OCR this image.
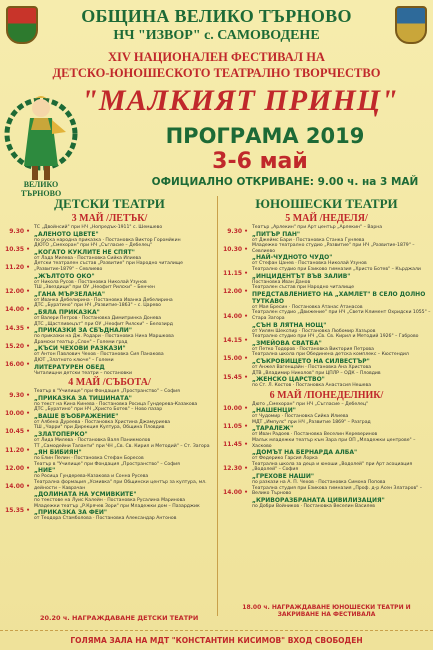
ОБЩИНА ВЕЛИКО ТЪРНОВО
НЧ "ИЗВОР" с. САМОВОДЕНЕ
XIV НАЦИОНАЛЕН ФЕСТИВАЛ НА
ДЕТСКО-ЮНОШЕСКОТО ТЕАТРАЛНО ТВОРЧЕСТВО
"МАЛКИЯТ ПРИНЦ"
ПРОГРАМА 2019
3-6 май
ОФИЦИАЛНО ОТКРИВАНЕ: 9.00 ч. на 3 МАЙ
ВЕЛИКО ТЪРНОВО
ДЕТСКИ ТЕАТРИ
3 МАЙ /ЛЕТЪК/
9.30 •
ТС „Двойнсий" при НЧ „Нопредък-1911" с. Шемшево
„АЛЕНОТО ЦВЕТЕ"
по руска народна приказка · Постановка Виктор Горомйкин
10.35 •
ДЮТО „Смехоран" при НЧ „Съгласие – Дебелец"
„КОГАТО КУКЛИТЕ НЕ СПЯТ"
от Лада Милева · Постановка Сийка Илиева
11.20 •
Детски театрален състав „Развитие" при Народно читалище „Развитие-1879" – Севлиево
„ЖЪЛТОТО ОКО"
от Никола Русов · Постановка Николай Узунов
12.00 •
ТШ „Звездици" при ОУ „Неофит Рилски" – Бенчен
„ГАНА МЪРЗЕЛАНА"
от Иванка Дебелирина · Постановка Иванка Дебелирина
14.00 •
ДТС „Буратино" при НЧ „Развитие-1863" – с. Царево
„БЯЛА ПРИКАЗКА"
от Валери Петров · Постановка Димитринка Донева
14.35 •
ДТС „Щастливецът" при ОУ „Неофит Рилски" – Белозирд
„ПРИКАЗКИ ЗА СБЪДНАЛИ"
по приказки на Дж. Родари · Постановка Нина Маршкова
15.20 •
Драмски театър „Слон" – Големи град
„КЪСИ ЧЕХОВИ РАЗКАЗИ"
от Антон Павлович Чехов · Постановка Сия Панакова
16.00 •
ДЮТ „Златното ключе" – Големи
ЛИТЕРАТУРЕН ОБЕД
Читалищни детски театри – постановки
4 МАЙ /СЪБОТА/
9.30 •
Театър в "Училище" при Фондация „Пространство" – София
„ПРИКАЗКА ЗА ТИШИНАТА"
по текст на Кина Кинева · Постановка Росица Гундерева-Казакова
10.00 •
ДТС „Буратино" при НЧ „Христо Ботев" – Ново пазар
„ВАШЕ ВЪОБРАЖЕНИЕ"
от Албена Дуреева · Постановка Христина Джамуриева
10.45 •
ТШ „Чарри" при Дирекция Култура, Община Пловдив
„ЗЛАТОПЕРКО"
от Лида Милева · Постановка Валя Паникмолов
11.20 •
ТТ „Самодейни Таланти" при ЧН „Св. Св. Кирил и Методий" – Ст. Загора
„ЯН БИБИЯН"
по Елин Пелин · Постановка Стефан Боресов
12.00 •
Театър в "Училище" при Фондация „Пространство" – София
„НИЕ"
по Росица Гундерева-Казакова и Сонна Русева
14.00 •
Театрална формация „Усмивка" при Общински център за култура, мл. дейности – Каврачан
„ДОЛИНАТА НА УСМИВКИТЕ"
по текстове на Луис Калейн · Постановка Русалина Маринова
15.35 •
Младежки театър „Р.Крячев Зори" при Младежки дом – Пазарджик
„ПРИКАЗКА ЗА ФЕИ"
от Теодора Стамболова · Постановка Александар Антонов
ЮНОШЕСКИ ТЕАТРИ
5 МАЙ /НЕДЕЛЯ/
9.30 •
Театър „Арлекин" при Арт център „Арлекин" – Варна
„ПИТЪР ПАН"
от Джеймс Бари · Постановка Станка Гуняева
10.30 •
Младежко театрално студио „Развитие" при НЧ „Развитие-1879" – Севлиево
„НАЙ-ЧУДНОТО ЧУДО"
от Стефан Цанев · Постановка Николай Узунов
11.15 •
Театрално студио при Езиково гимназия „Христо Ботев" – Кърджали
„ИНЦИДЕНТЪТ ВЪВ ЗАЛИВ"
Постановка Иван Данов
12.00 •
Театрален състав при Народно читалище
ПРЕДСТАВЛЕНИЕТО НА „ХАМЛЕТ" В СЕЛО ДОЛНО ТУТКАВО
от Мая Бресин · Постановка Атанас Атанасов
14.00 •
Театрален студио „Движение" при НЧ „Свети Климент Охридски 1055" – Стара Загора
„СЪН В ЛЯТНА НОЩ"
от Уилям Шекспир · Постановка Любомир Хазъров
14.15 •
Театрално студио при НЧ „Св. Св. Кирил и Методий 1926" – Габрово
„ЗМЕЙОВА СВАТБА"
от Петко Тодоров · Постановка Виктория Петрова
15.00 •
Театрална школа при Обединена детска комплекс – Кюстендил
„СЪКРОВИЩЕТО НА СИЛВЕСТЪР"
от Анжел Вагенщайн · Постановка Ана Христова
15.45 •
ДТВ „Владимир Николов" при ЦПЛР – ОДК – Пловдив
„ЖЕНСКО ЦАРСТВО"
по Ст. Л. Костов · Постановка Анастасия Нешева
6 МАЙ /ПОНЕДЕЛНИК/
10.00 •
Дюто „Смехоран" при НЧ „Съгласие – Дебелец"
„НАШЕНЦИ"
от Чудомир · Постановка Сийка Илиева
11.05 •
МДТ „Импулс" при НЧ „Развитие 1869" – Разград
„ТАРАЛЕЖ"
от Иван Радоев · Постановка Веселин Кереверинов
11.45 •
Малък младежки театър към Зара при ОП „Младежки центрове" – Хасково
„ДОМЪТ НА БЕРНАРДА АЛБА"
от Федерико Гарсия Лорка
12.30 •
Театрална школа за деца и юноши „Водолей" при Арт асоциация „Водолей" – София
„ГРЕХОВЕ НАШИ"
по разкази на А. П. Чехов · Постановка Симона Попова
14.00 •
Театрална студия при Езикова гимназия „Проф. д-р Асен Златаров" – Велико Търново
„КРИВОРАЗБРАНАТА ЦИВИЛИЗАЦИЯ"
по Добри Войников · Постановка Веселин Василев
20.20 ч. НАГРАЖДАВАНЕ ДЕТСКИ ТЕАТРИ
18.00 ч. НАГРАЖДАВАНЕ ЮНОШЕСКИ ТЕАТРИ И ЗАКРИВАНЕ НА ФЕСТИВАЛА
ГОЛЯМА ЗАЛА НА МДТ "КОНСТАНТИН КИСИМОВ" ВХОД СВОБОДЕН
